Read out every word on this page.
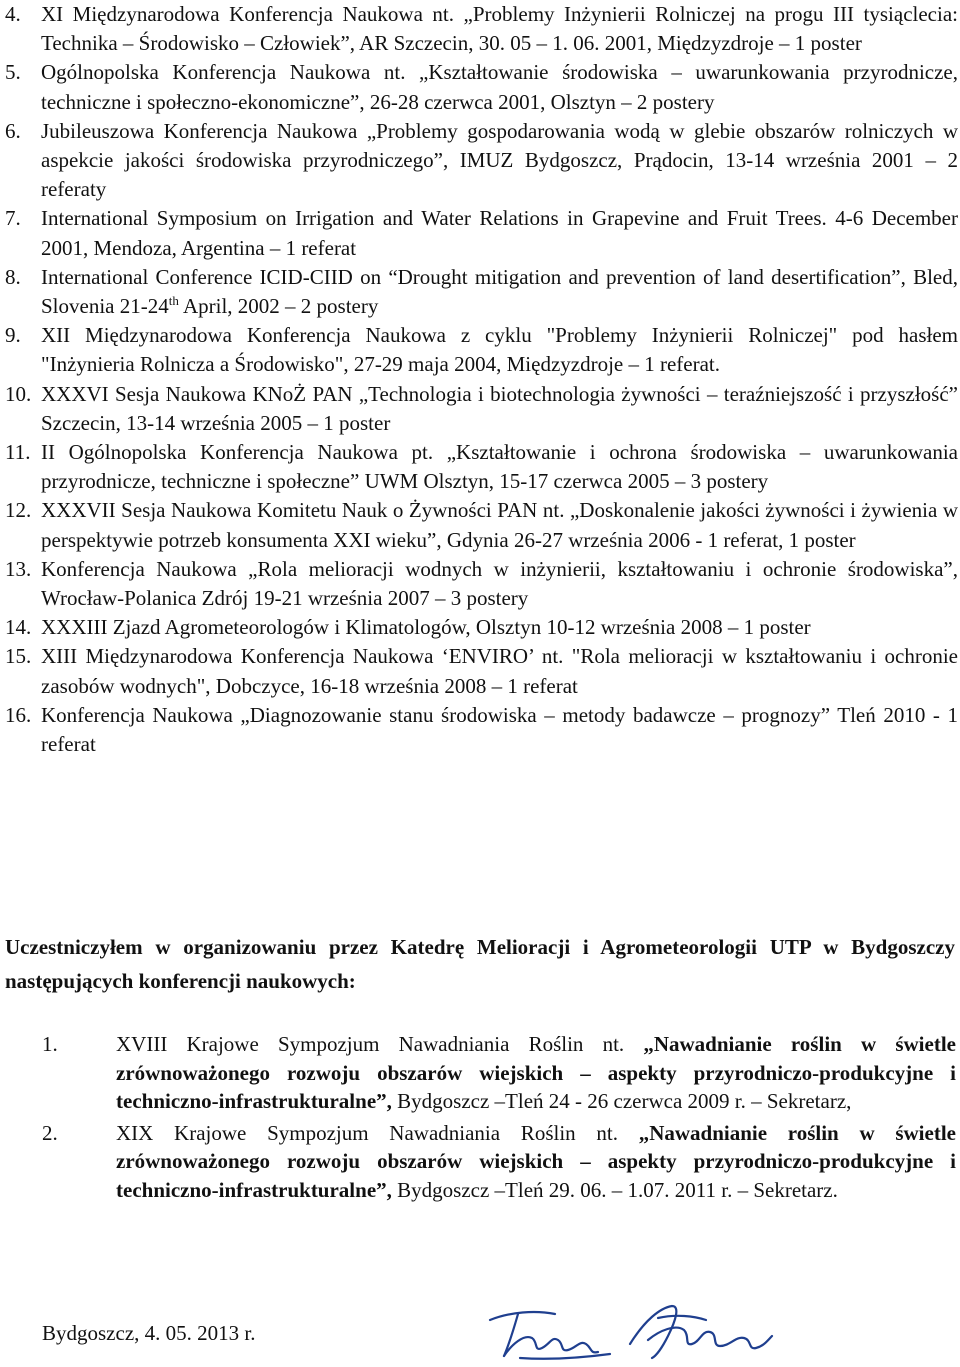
4. XI Międzynarodowa Konferencja Naukowa nt. „Problemy Inżynierii Rolniczej na progu III tysiąclecia: Technika – Środowisko – Człowiek”, AR Szczecin, 30. 05 – 1. 06. 2001, Międzyzdroje – 1 poster
5. Ogólnopolska Konferencja Naukowa nt. „Kształtowanie środowiska – uwarunkowania przyrodnicze, techniczne i społeczno-ekonomiczne”, 26-28 czerwca 2001, Olsztyn – 2 postery
6. Jubileuszowa Konferencja Naukowa „Problemy gospodarowania wodą w glebie obszarów rolniczych w aspekcie jakości środowiska przyrodniczego”, IMUZ Bydgoszcz, Prądocin, 13-14 września 2001 – 2 referaty
7. International Symposium on Irrigation and Water Relations in Grapevine and Fruit Trees. 4-6 December 2001, Mendoza, Argentina – 1 referat
8. International Conference ICID-CIID on “Drought mitigation and prevention of land desertification”, Bled, Slovenia 21-24th April, 2002 – 2 postery
9. XII Międzynarodowa Konferencja Naukowa z cyklu "Problemy Inżynierii Rolniczej" pod hasłem "Inżynieria Rolnicza a Środowisko", 27-29 maja 2004, Międzyzdroje – 1 referat.
10. XXXVI Sesja Naukowa KNoŻ PAN „Technologia i biotechnologia żywności – teraźniejszość i przyszłość” Szczecin, 13-14 września 2005 – 1 poster
11. II Ogólnopolska Konferencja Naukowa pt. „Kształtowanie i ochrona środowiska – uwarunkowania przyrodnicze, techniczne i społeczne” UWM Olsztyn, 15-17 czerwca 2005 – 3 postery
12. XXXVII Sesja Naukowa Komitetu Nauk o Żywności PAN nt. „Doskonalenie jakości żywności i żywienia w perspektywie potrzeb konsumenta XXI wieku”, Gdynia 26-27 września 2006 - 1 referat, 1 poster
13. Konferencja Naukowa „Rola melioracji wodnych w inżynierii, kształtowaniu i ochronie środowiska”, Wrocław-Polanica Zdrój 19-21 września 2007 – 3 postery
14. XXXIII Zjazd Agrometeorologów i Klimatologów, Olsztyn 10-12 września 2008 – 1 poster
15. XIII Międzynarodowa Konferencja Naukowa ‘ENVIRO’ nt. "Rola melioracji w kształtowaniu i ochronie zasobów wodnych", Dobczyce, 16-18 września 2008 – 1 referat
16. Konferencja Naukowa „Diagnozowanie stanu środowiska – metody badawcze – prognozy” Tleń 2010 - 1 referat

Uczestniczyłem w organizowaniu przez Katedrę Melioracji i Agrometeorologii UTP w Bydgoszczy następujących konferencji naukowych:

1.	XVIII Krajowe Sympozjum Nawadniania Roślin nt. „Nawadnianie roślin w świetle zrównoważonego rozwoju obszarów wiejskich – aspekty przyrodniczo-produkcyjne i techniczno-infrastrukturalne”, Bydgoszcz –Tleń 24 - 26 czerwca 2009 r. – Sekretarz,
2.	XIX Krajowe Sympozjum Nawadniania Roślin nt. „Nawadnianie roślin w świetle zrównoważonego rozwoju obszarów wiejskich – aspekty przyrodniczo-produkcyjne i techniczno-infrastrukturalne”, Bydgoszcz –Tleń 29. 06. – 1.07. 2011 r. – Sekretarz.
Bydgoszcz, 4. 05. 2013 r.
